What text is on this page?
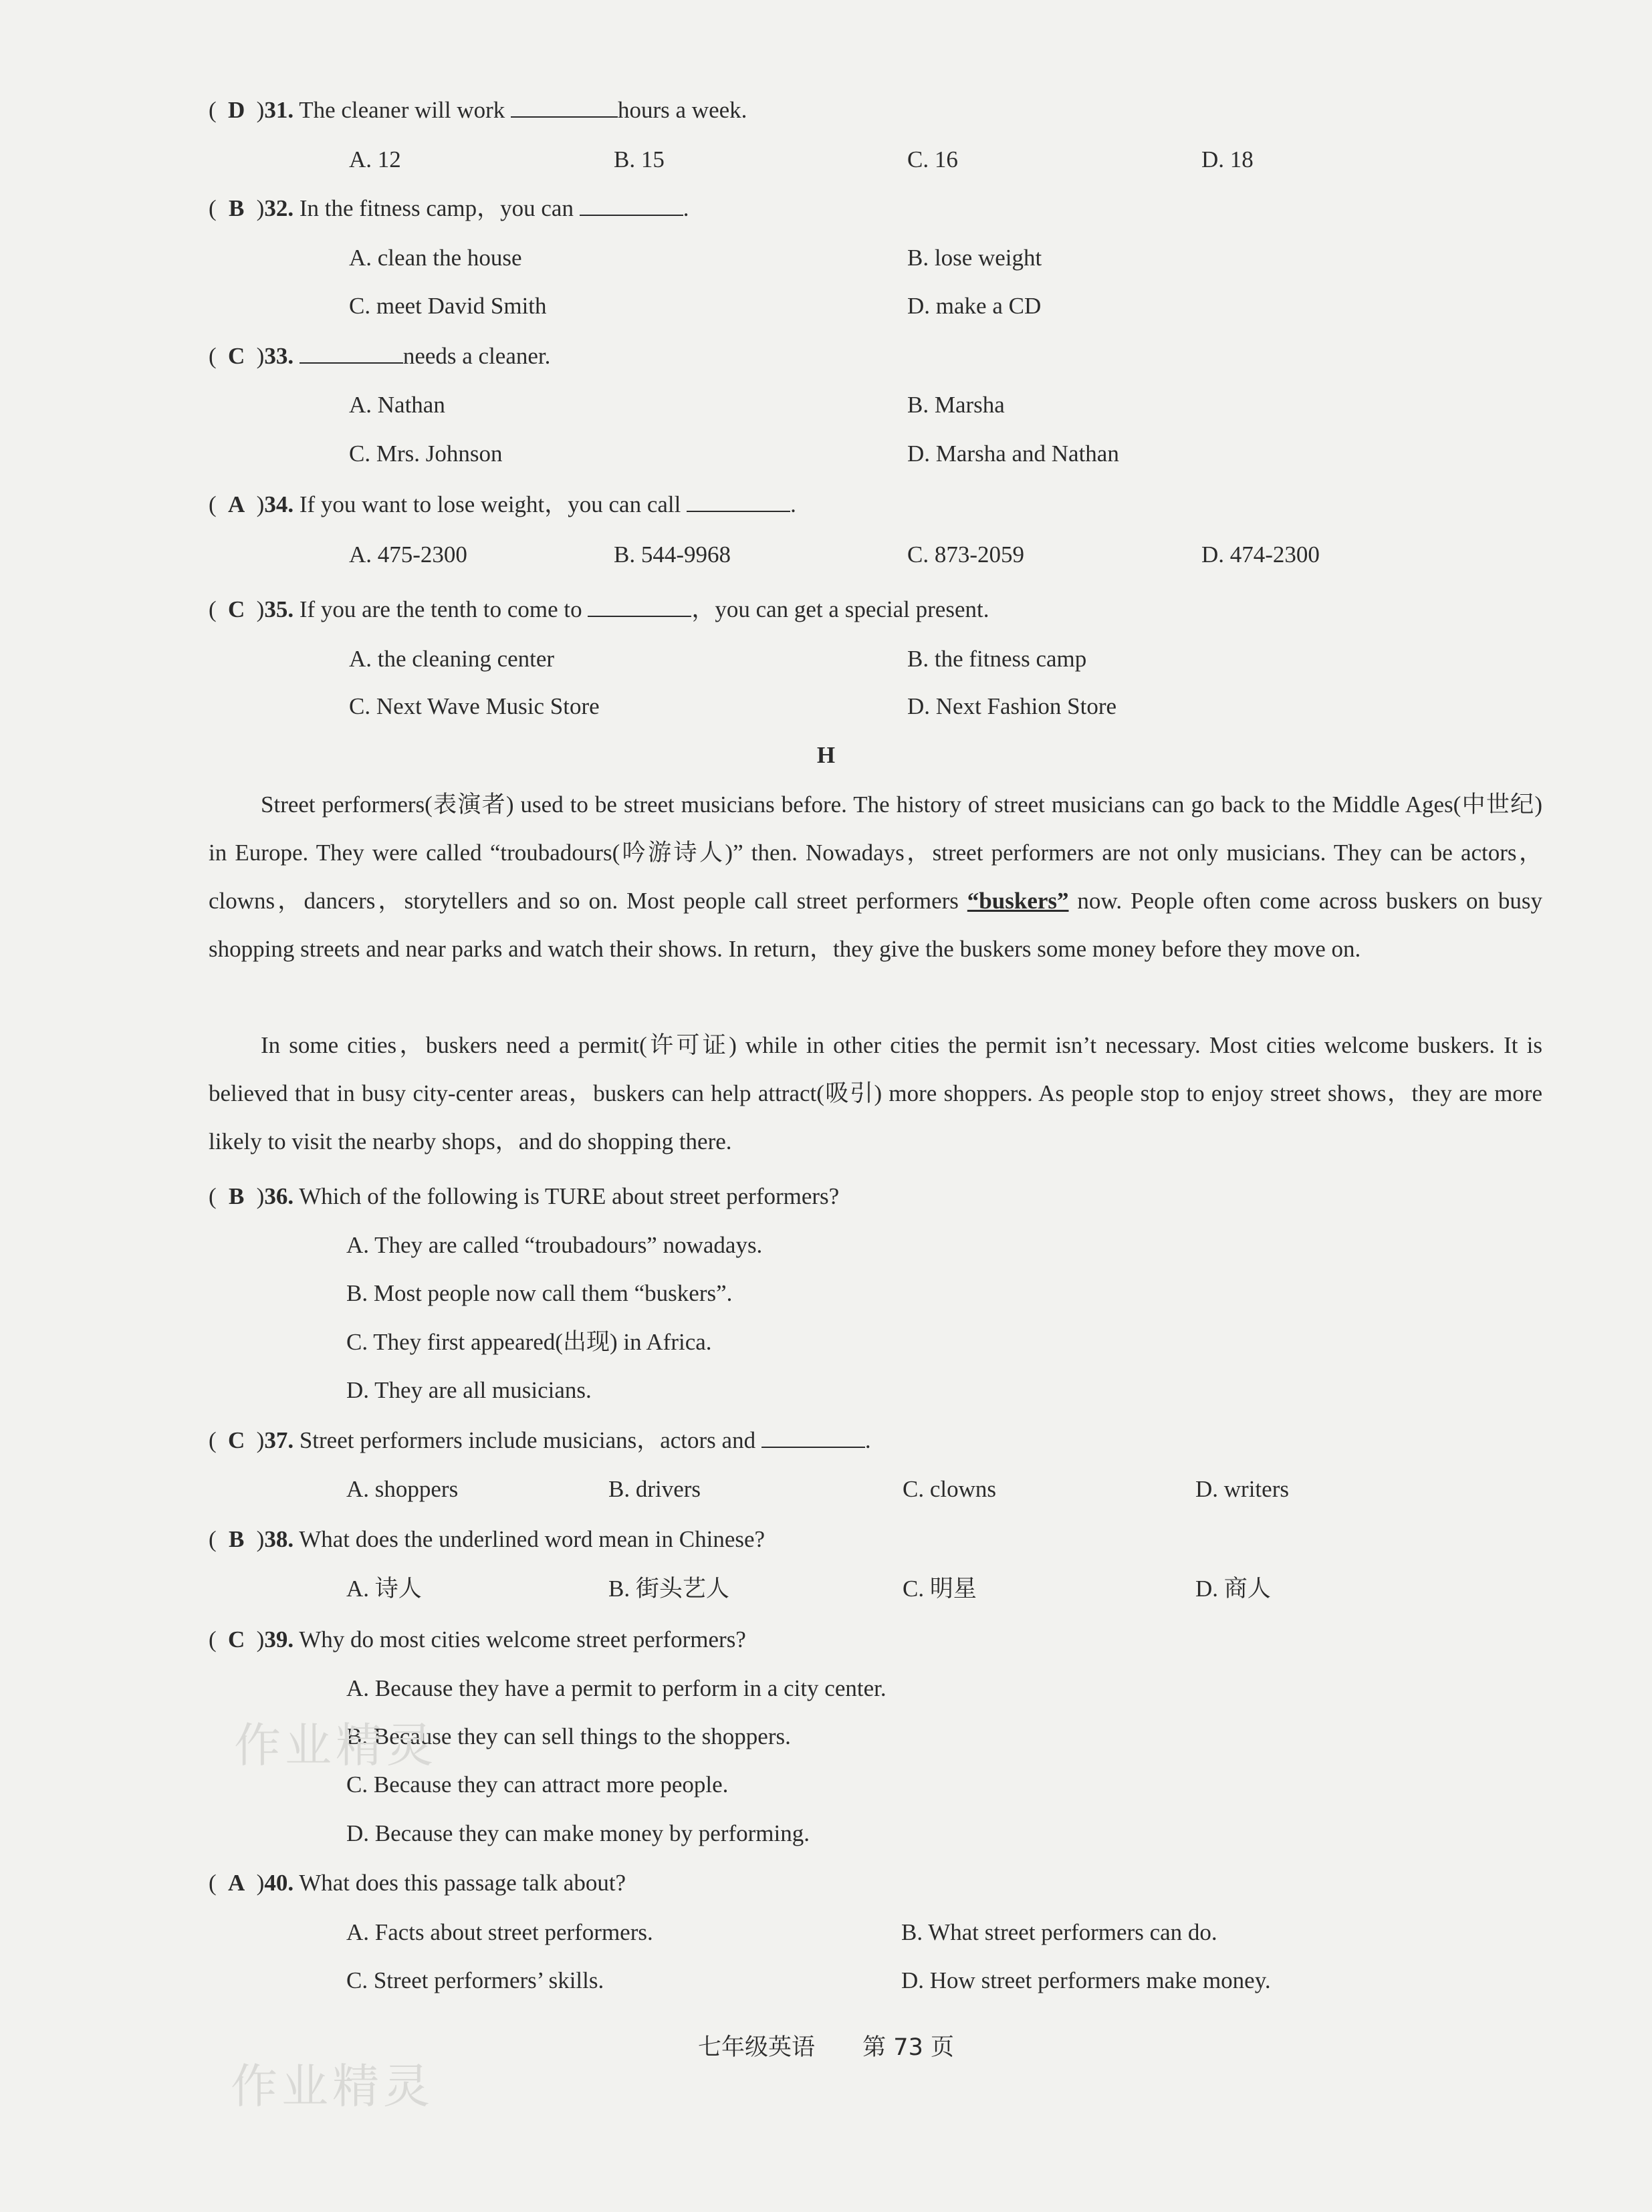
( D )31. The cleaner will work	hours a week.
A. 12	B. 15	C. 16	D. 18
( B )32. In the fitness camp，you can	.
A. clean the house	B. lose weight
C. meet David Smith	D. make a CD
( C )33.	needs a cleaner.
A. Nathan	B. Marsha
C. Mrs. Johnson	D. Marsha and Nathan
( A )34. If you want to lose weight，you can call	.
A. 475-2300	B. 544-9968	C. 873-2059	D. 474-2300
( C )35. If you are the tenth to come to	，you can get a special present.
A. the cleaning center	B. the fitness camp
C. Next Wave Music Store	D. Next Fashion Store
H
Street performers(表演者) used to be street musicians before. The history of street musicians can go back to the Middle Ages(中世纪) in Europe. They were called “troubadours(吟游诗人)” then. Nowadays，street performers are not only musicians. They can be actors，clowns，dancers，storytellers and so on. Most people call street performers “buskers” now. People often come across buskers on busy shopping streets and near parks and watch their shows. In return，they give the buskers some money before they move on.
In some cities，buskers need a permit(许可证) while in other cities the permit isn’t necessary. Most cities welcome buskers. It is believed that in busy city-center areas，buskers can help attract(吸引) more shoppers. As people stop to enjoy street shows，they are more likely to visit the nearby shops，and do shopping there.
( B )36. Which of the following is TURE about street performers?
A. They are called “troubadours” nowadays.
B. Most people now call them “buskers”.
C. They first appeared(出现) in Africa.
D. They are all musicians.
( C )37. Street performers include musicians，actors and	.
A. shoppers	B. drivers	C. clowns	D. writers
( B )38. What does the underlined word mean in Chinese?
A. 诗人	B. 街头艺人	C. 明星	D. 商人
( C )39. Why do most cities welcome street performers?
A. Because they have a permit to perform in a city center.
B. Because they can sell things to the shoppers.
C. Because they can attract more people.
D. Because they can make money by performing.
( A )40. What does this passage talk about?
A. Facts about street performers.	B. What street performers can do.
C. Street performers’ skills.	D. How street performers make money.
七年级英语 第 73 页
作业精灵
作业精灵
